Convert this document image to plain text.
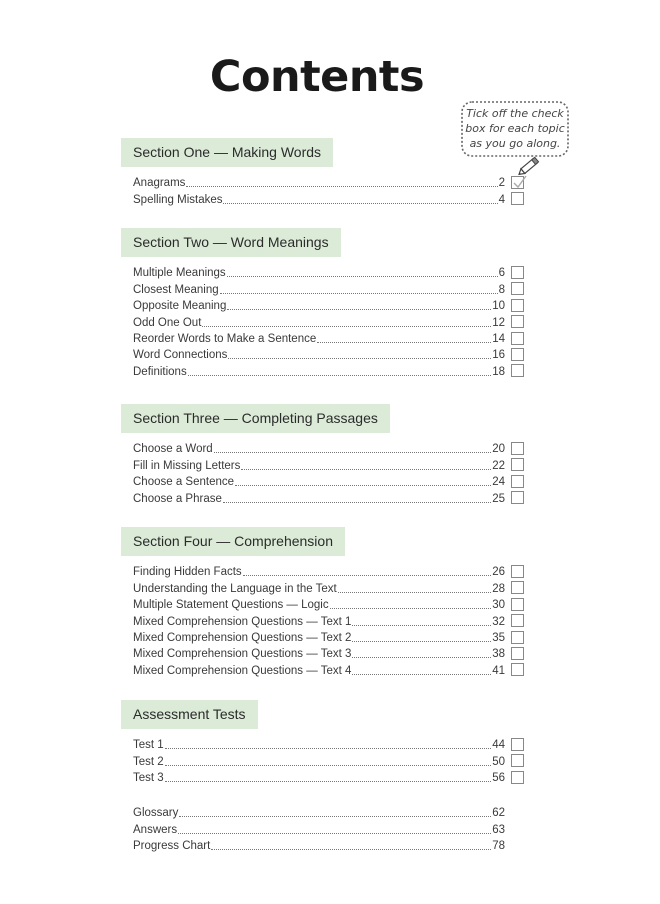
Contents
Tick off the check
box for each topic
as you go along.
Section One — Making Words
Anagrams	2
Spelling Mistakes	4
Section Two — Word Meanings
Multiple Meanings	6
Closest Meaning	8
Opposite Meaning	10
Odd One Out	12
Reorder Words to Make a Sentence	14
Word Connections	16
Definitions	18
Section Three — Completing Passages
Choose a Word	20
Fill in Missing Letters	22
Choose a Sentence	24
Choose a Phrase	25
Section Four — Comprehension
Finding Hidden Facts	26
Understanding the Language in the Text	28
Multiple Statement Questions — Logic	30
Mixed Comprehension Questions — Text 1	32
Mixed Comprehension Questions — Text 2	35
Mixed Comprehension Questions — Text 3	38
Mixed Comprehension Questions — Text 4	41
Assessment Tests
Test 1	44
Test 2	50
Test 3	56
Glossary	62
Answers	63
Progress Chart	78
